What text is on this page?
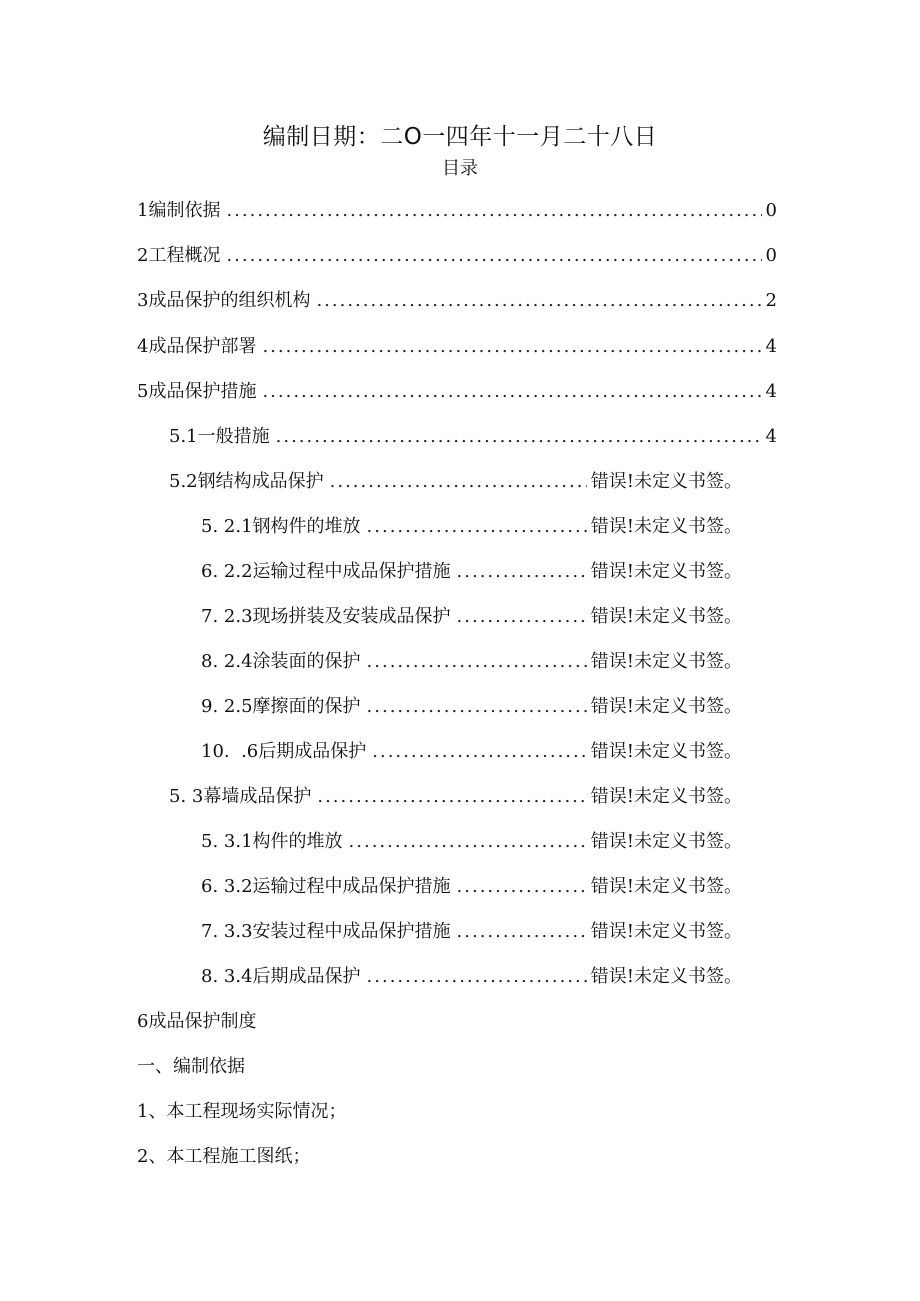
编制日期：二O一四年十一月二十八日
目录
1编制依据 .....	0
2工程概况 .....	0
3成品保护的组织机构 .....	2
4成品保护部署 .....	4
5成品保护措施 .....	4
5.1一般措施 .....	4
5.2钢结构成品保护 .....	错误!未定义书签。
5. 2.1钢构件的堆放 .....	错误!未定义书签。
6. 2.2运输过程中成品保护措施 .....	错误!未定义书签。
7. 2.3现场拼装及安装成品保护 .....	错误!未定义书签。
8. 2.4涂装面的保护 .....	错误!未定义书签。
9. 2.5摩擦面的保护 .....	错误!未定义书签。
10.  .6后期成品保护 .....	错误!未定义书签。
5. 3幕墙成品保护 .....	错误!未定义书签。
5. 3.1构件的堆放 .....	错误!未定义书签。
6. 3.2运输过程中成品保护措施 .....	错误!未定义书签。
7. 3.3安装过程中成品保护措施 .....	错误!未定义书签。
8. 3.4后期成品保护 .....	错误!未定义书签。
6成品保护制度
一、编制依据
1、本工程现场实际情况；
2、本工程施工图纸；
